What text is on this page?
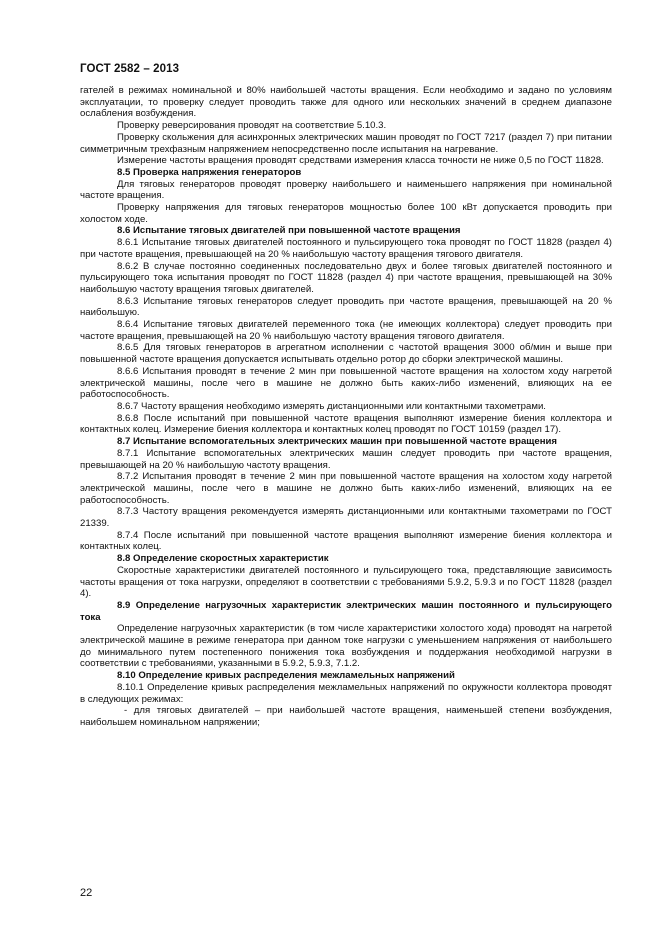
ГОСТ 2582 – 2013

гателей в режимах номинальной и 80% наибольшей частоты вращения. Если необходимо и задано по условиям эксплуатации, то проверку следует проводить также для одного или нескольких значений в среднем диапазоне ослабления возбуждения.

Проверку реверсирования проводят на соответствие 5.10.3.

Проверку скольжения для асинхронных электрических машин проводят по ГОСТ 7217 (раздел 7) при питании симметричным трехфазным напряжением непосредственно после испытания на нагревание.

Измерение частоты вращения проводят средствами измерения класса точности не ниже 0,5 по ГОСТ 11828.

8.5 Проверка напряжения генераторов

Для тяговых генераторов проводят проверку наибольшего и наименьшего напряжения при номинальной частоте вращения.

Проверку напряжения для тяговых генераторов мощностью более 100 кВт допускается проводить при холостом ходе.

8.6 Испытание тяговых двигателей при повышенной частоте вращения

8.6.1 Испытание тяговых двигателей постоянного и пульсирующего тока проводят по ГОСТ 11828 (раздел 4) при частоте вращения, превышающей на 20 % наибольшую частоту вращения тягового двигателя.

8.6.2 В случае постоянно соединенных последовательно двух и более тяговых двигателей постоянного и пульсирующего тока испытания проводят по ГОСТ 11828 (раздел 4) при частоте вращения, превышающей на 30% наибольшую частоту вращения тяговых двигателей.

8.6.3 Испытание тяговых генераторов следует проводить при частоте вращения, превышающей на 20 % наибольшую.

8.6.4 Испытание тяговых двигателей переменного тока (не имеющих коллектора) следует проводить при частоте вращения, превышающей на 20 % наибольшую частоту вращения тягового двигателя.

8.6.5 Для тяговых генераторов в агрегатном исполнении с частотой вращения 3000 об/мин и выше при повышенной частоте вращения допускается испытывать отдельно ротор до сборки электрической машины.

8.6.6 Испытания проводят в течение 2 мин при повышенной частоте вращения на холостом ходу нагретой электрической машины, после чего в машине не должно быть каких-либо изменений, влияющих на ее работоспособность.

8.6.7 Частоту вращения необходимо измерять дистанционными или контактными тахометрами.

8.6.8 После испытаний при повышенной частоте вращения выполняют измерение биения коллектора и контактных колец. Измерение биения коллектора и контактных колец проводят по ГОСТ 10159 (раздел 17).

8.7 Испытание вспомогательных электрических машин при повышенной частоте вращения

8.7.1 Испытание вспомогательных электрических машин следует проводить при частоте вращения, превышающей на 20 % наибольшую частоту вращения.

8.7.2 Испытания проводят в течение 2 мин при повышенной частоте вращения на холостом ходу нагретой электрической машины, после чего в машине не должно быть каких-либо изменений, влияющих на ее работоспособность.

8.7.3 Частоту вращения рекомендуется измерять дистанционными или контактными тахометрами по ГОСТ 21339.

8.7.4 После испытаний при повышенной частоте вращения выполняют измерение биения коллектора и контактных колец.

8.8 Определение скоростных характеристик

Скоростные характеристики двигателей постоянного и пульсирующего тока, представляющие зависимость частоты вращения от тока нагрузки, определяют в соответствии с требованиями 5.9.2, 5.9.3 и по ГОСТ 11828 (раздел 4).

8.9 Определение нагрузочных характеристик электрических машин постоянного и пульсирующего тока

Определение нагрузочных характеристик (в том числе характеристики холостого хода) проводят на нагретой электрической машине в режиме генератора при данном токе нагрузки с уменьшением напряжения от наибольшего до минимального путем постепенного понижения тока возбуждения и поддержания необходимой нагрузки в соответствии с требованиями, указанными в 5.9.2, 5.9.3, 7.1.2.

8.10 Определение кривых распределения межламельных напряжений

8.10.1 Определение кривых распределения межламельных напряжений по окружности коллектора проводят в следующих режимах:

- для тяговых двигателей – при наибольшей частоте вращения, наименьшей степени возбуждения, наибольшем номинальном напряжении;

22
